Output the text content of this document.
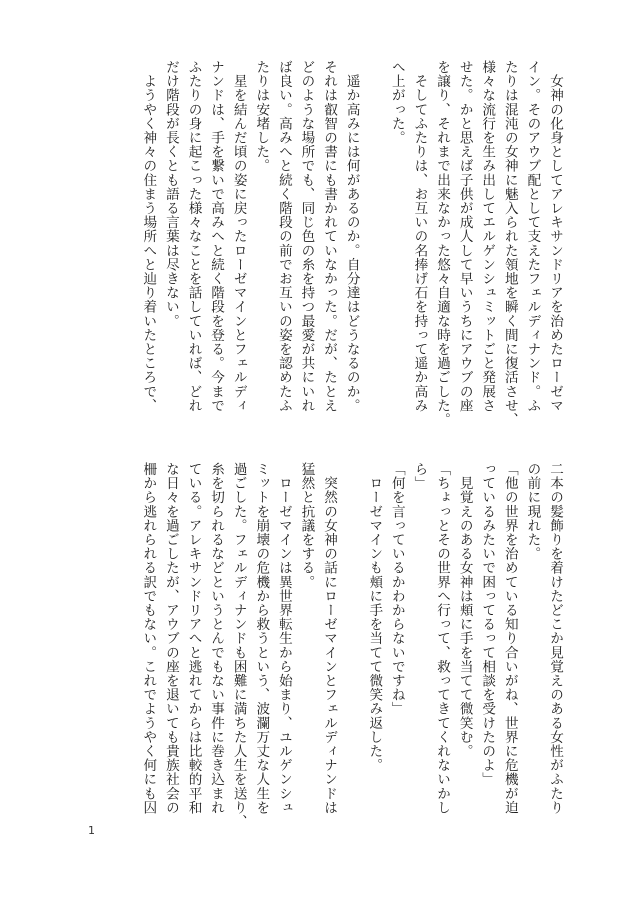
　女神の化身としてアレキサンドリアを治めたローゼマ
イン。そのアウブ配として支えたフェルディナンド。ふ
たりは混沌の女神に魅入られた領地を瞬く間に復活させ、
様々な流行を生み出してエルゲンシュミットごと発展さ
せた。かと思えば子供が成人して早いうちにアウブの座
を譲り、それまで出来なかった悠々自適な時を過ごした。
　そしてふたりは、お互いの名捧げ石を持って遥か高み
へ上がった。

　遥か高みには何があるのか。自分達はどうなるのか。
それは叡智の書にも書かれていなかった。だが、たとえ
どのような場所でも、同じ色の糸を持つ最愛が共にいれ
ば良い。高みへと続く階段の前でお互いの姿を認めたふ
たりは安堵した。
　星を結んだ頃の姿に戻ったローゼマインとフェルディ
ナンドは、手を繋いで高みへと続く階段を登る。今まで
ふたりの身に起こった様々なことを話していれば、どれ
だけ階段が長くとも語る言葉は尽きない。
　ようやく神々の住まう場所へと辿り着いたところで、
二本の髪飾りを着けたどこか見覚えのある女性がふたり
の前に現れた。
「他の世界を治めている知り合いがね、世界に危機が迫
っているみたいで困ってるって相談を受けたのよ」
　見覚えのある女神は頬に手を当てて微笑む。
「ちょっとその世界へ行って、救ってきてくれないかし
ら」
「何を言っているかわからないですね」
　ローゼマインも頬に手を当てて微笑み返した。

　突然の女神の話にローゼマインとフェルディナンドは
猛然と抗議をする。
　ローゼマインは異世界転生から始まり、ユルゲンシュ
ミットを崩壊の危機から救うという、波瀾万丈な人生を
過ごした。フェルディナンドも困難に満ちた人生を送り、
糸を切られるなどというとんでもない事件に巻き込まれ
ている。アレキサンドリアへと逃れてからは比較的平和
な日々を過ごしたが、アウブの座を退いても貴族社会の
柵から逃れられる訳でもない。これでようやく何にも囚
1
